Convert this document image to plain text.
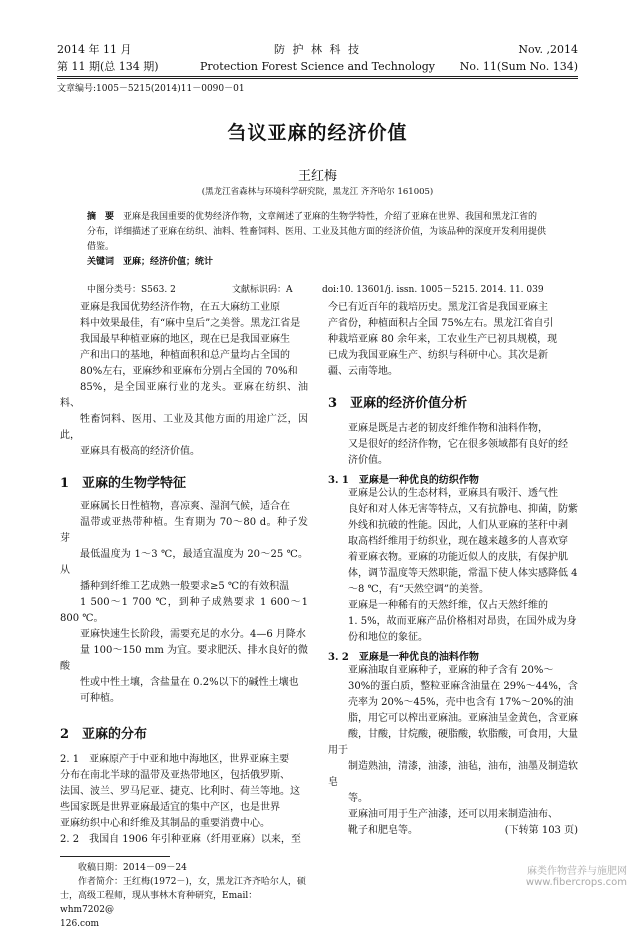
2014 年 11 月
第 11 期(总 134 期)
防 护 林 科 技
Protection Forest Science and Technology
Nov. ,2014
No. 11(Sum No. 134)
文章编号:1005－5215(2014)11－0090－01
刍议亚麻的经济价值
王红梅
(黑龙江省森林与环境科学研究院，黑龙江 齐齐哈尔 161005)
摘　要　 亚麻是我国重要的优势经济作物，文章阐述了亚麻的生物学特性，介绍了亚麻在世界、我国和黑龙江省的
分布，详细描述了亚麻在纺织、油料、牲畜饲料、医用、工业及其他方面的经济价值，为该品种的深度开发利用提供
借鉴。
关键词　亚麻；经济价值；统计
中图分类号：S563. 2	文献标识码：A	doi:10. 13601/j. issn. 1005－5215. 2014. 11. 039
亚麻是我国优势经济作物，在五大麻纺工业原
料中效果最佳，有“麻中皇后”之美誉。黑龙江省是
我国最早种植亚麻的地区，现在已是我国亚麻生
产和出口的基地，种植面积和总产量均占全国的
80%左右，亚麻纱和亚麻布分别占全国的 70%和
85%，是全国亚麻行业的龙头。亚麻在纺织、油料、
牲畜饲料、医用、工业及其他方面的用途广泛，因此，
亚麻具有极高的经济价值。
1　亚麻的生物学特征
亚麻属长日性植物，喜凉爽、湿润气候，适合在
温带或亚热带种植。生育期为 70～80 d。种子发芽
最低温度为 1～3 ℃，最适宜温度为 20～25 ℃。从
播种到纤维工艺成熟一般要求≥5 ℃的有效积温
1 500～1 700 ℃，到种子成熟要求 1 600～1 800 ℃。
亚麻快速生长阶段，需要充足的水分。4—6 月降水
量 100～150 mm 为宜。要求肥沃、排水良好的微酸
性或中性土壤，含盐量在 0.2%以下的碱性土壤也
可种植。
2　亚麻的分布
2. 1　亚麻原产于中亚和地中海地区，世界亚麻主要
分布在南北半球的温带及亚热带地区，包括俄罗斯、
法国、波兰、罗马尼亚、捷克、比利时、荷兰等地。这
些国家既是世界亚麻最适宜的集中产区，也是世界
亚麻纺织中心和纤维及其制品的重要消费中心。
2. 2　我国自 1906 年引种亚麻（纤用亚麻）以来，至
收稿日期：2014－09－24
作者简介：王红梅(1972－)，女，黑龙江齐齐哈尔人，硕
士，高级工程师，现从事林木育种研究，Email：whm7202@
126.com
今已有近百年的栽培历史。黑龙江省是我国亚麻主
产省份，种植面积占全国 75%左右。黑龙江省自引
种栽培亚麻 80 余年来，工农业生产已初具规模，现
已成为我国亚麻生产、纺织与科研中心。其次是新
疆、云南等地。
3　亚麻的经济价值分析
亚麻是既是古老的韧皮纤维作物和油料作物，
又是很好的经济作物，它在很多领域都有良好的经
济价值。
3. 1　亚麻是一种优良的纺织作物
亚麻是公认的生态材料，亚麻具有吸汗、透气性
良好和对人体无害等特点，又有抗静电、抑菌，防紫
外线和抗破的性能。因此，人们从亚麻的茎秆中剥
取高档纤维用于纺织业，现在越来越多的人喜欢穿
着亚麻衣物。亚麻的功能近似人的皮肤，有保护肌
体，调节温度等天然职能，常温下使人体实感降低 4
～8 ℃，有“天然空调”的美誉。
亚麻是一种稀有的天然纤维，仅占天然纤维的
1. 5%，故而亚麻产品价格相对昂贵，在国外成为身
份和地位的象征。
3. 2　亚麻是一种优良的油料作物
亚麻油取自亚麻种子，亚麻的种子含有 20%～
30%的蛋白质，整粒亚麻含油量在 29%～44%，含
壳率为 20%～45%，壳中也含有 17%～20%的油
脂，用它可以榨出亚麻油。亚麻油呈金黄色，含亚麻
酸，甘酸，甘烷酸，硬脂酸，软脂酸，可食用，大量用于
制造熟油，清漆，油漆，油毡，油布，油墨及制造软皂
等。
亚麻油可用于生产油漆，还可以用来制造油布、
靴子和肥皂等。	(下转第 103 页)
麻类作物营养与施肥网
www.fibercrops.com
